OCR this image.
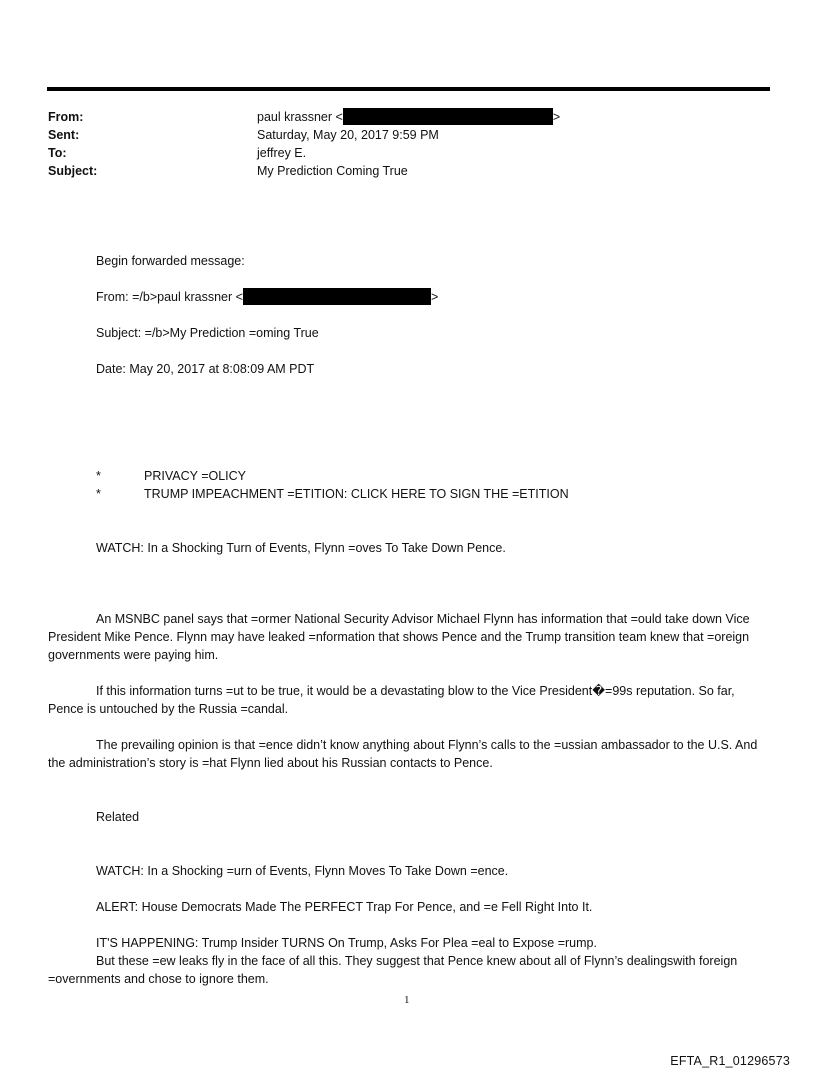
From:	paul krassner <	>
Sent:	Saturday, May 20, 2017 9:59 PM
To:	jeffrey E.
Subject:	My Prediction Coming True
Begin forwarded message:
From: =/b>paul krassner <	>
Subject: =/b>My Prediction =oming True
Date: May 20, 2017 at 8:08:09 AM PDT
*	PRIVACY =OLICY
*	TRUMP IMPEACHMENT =ETITION: CLICK HERE TO SIGN THE =ETITION
WATCH: In a Shocking Turn of Events, Flynn =oves To Take Down Pence.
An MSNBC panel says that =ormer National Security Advisor Michael Flynn has information that =ould take down Vice President Mike Pence. Flynn may have leaked =nformation that shows Pence and the Trump transition team knew that =oreign governments were paying him.
If this information turns =ut to be true, it would be a devastating blow to the Vice President�=99s reputation. So far, Pence is untouched by the Russia =candal.
The prevailing opinion is that =ence didn’t know anything about Flynn’s calls to the =ussian ambassador to the U.S. And the administration’s story is =hat Flynn lied about his Russian contacts to Pence.
Related
WATCH: In a Shocking =urn of Events, Flynn Moves To Take Down =ence.
ALERT: House Democrats Made The PERFECT Trap For Pence, and =e Fell Right Into It.
IT'S HAPPENING: Trump Insider TURNS On Trump, Asks For Plea =eal to Expose =rump.
But these =ew leaks fly in the face of all this. They suggest that Pence knew about all of Flynn’s dealingswith foreign =overnments and chose to ignore them.
1
EFTA_R1_01296573
